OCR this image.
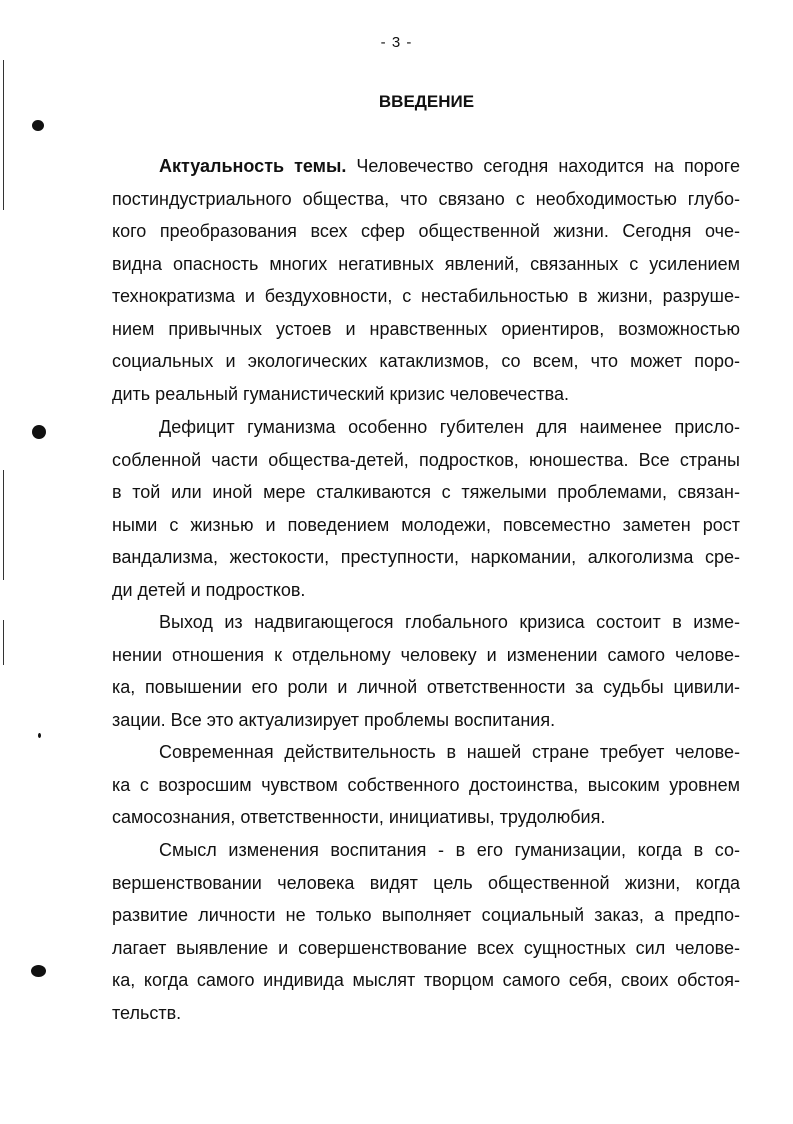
- 3 -
ВВЕДЕНИЕ
Актуальность темы. Человечество сегодня находится на пороге
постиндустриального общества, что связано с необходимостью глубо-
кого преобразования всех сфер общественной жизни. Сегодня оче-
видна опасность многих негативных явлений, связанных с усилением
технократизма и бездуховности, с нестабильностью в жизни, разруше-
нием привычных устоев и нравственных ориентиров, возможностью
социальных и экологических катаклизмов, со всем, что может поро-
дить реальный гуманистический кризис человечества.
Дефицит гуманизма особенно губителен для наименее присло-
собленной части общества-детей, подростков, юношества. Все страны
в той или иной мере сталкиваются с тяжелыми проблемами, связан-
ными с жизнью и поведением молодежи, повсеместно заметен рост
вандализма, жестокости, преступности, наркомании, алкоголизма сре-
ди детей и подростков.
Выход из надвигающегося глобального кризиса состоит в изме-
нении отношения к отдельному человеку и изменении самого челове-
ка, повышении его роли и личной ответственности за судьбы цивили-
зации. Все это актуализирует проблемы воспитания.
Современная действительность в нашей стране требует челове-
ка с возросшим чувством собственного достоинства, высоким уровнем
самосознания, ответственности, инициативы, трудолюбия.
Смысл изменения воспитания - в его гуманизации, когда в со-
вершенствовании человека видят цель общественной жизни, когда
развитие личности не только выполняет социальный заказ, а предпо-
лагает выявление и совершенствование всех сущностных сил челове-
ка, когда самого индивида мыслят творцом самого себя, своих обстоя-
тельств.
